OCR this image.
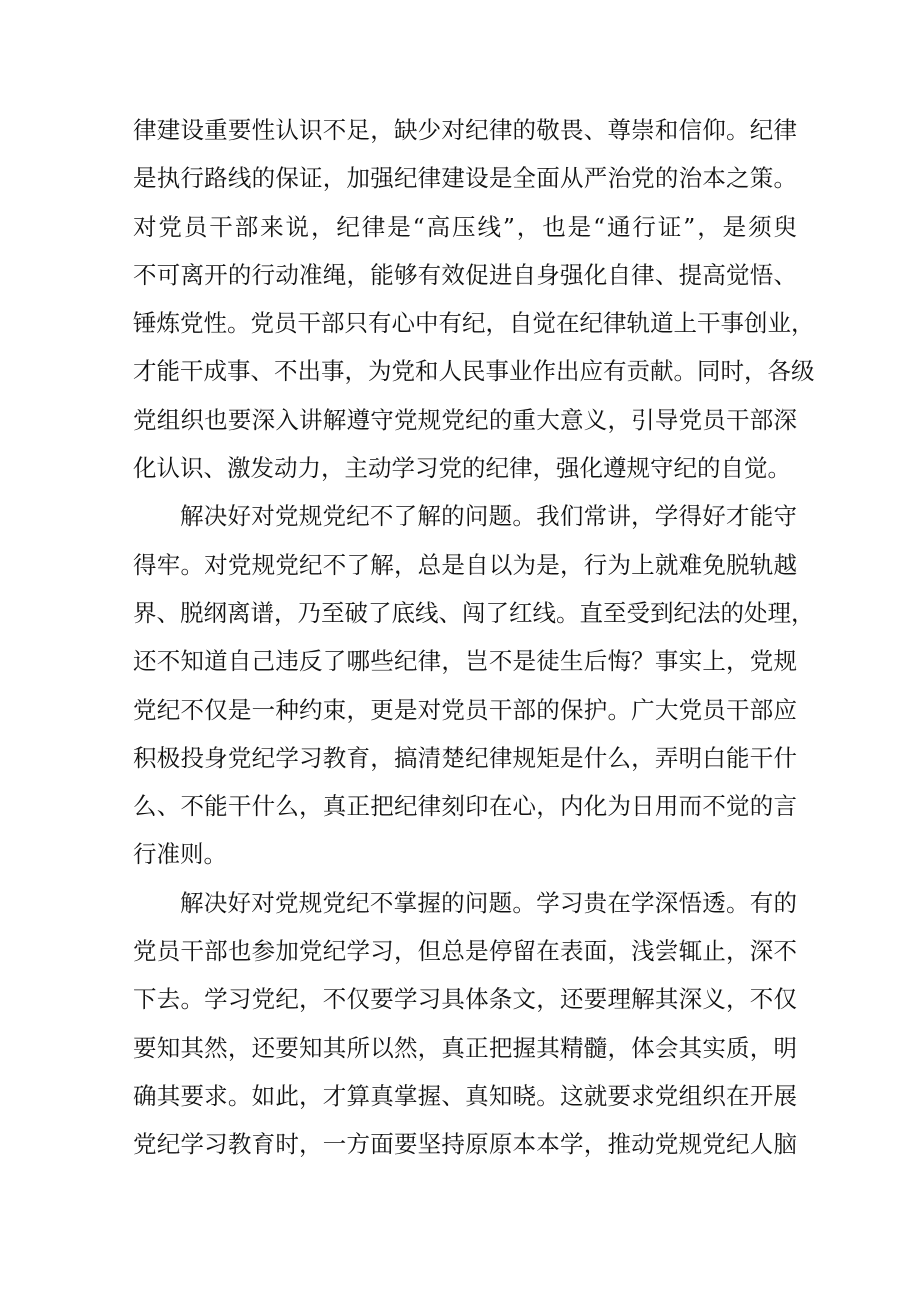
律建设重要性认识不足，缺少对纪律的敬畏、尊崇和信仰。纪律
是执行路线的保证，加强纪律建设是全面从严治党的治本之策。
对党员干部来说，纪律是“高压线”，也是“通行证”，是须臾
不可离开的行动准绳，能够有效促进自身强化自律、提高觉悟、
锤炼党性。党员干部只有心中有纪，自觉在纪律轨道上干事创业，
才能干成事、不出事，为党和人民事业作出应有贡献。同时，各级
党组织也要深入讲解遵守党规党纪的重大意义，引导党员干部深
化认识、激发动力，主动学习党的纪律，强化遵规守纪的自觉。
解决好对党规党纪不了解的问题。我们常讲，学得好才能守
得牢。对党规党纪不了解，总是自以为是，行为上就难免脱轨越
界、脱纲离谱，乃至破了底线、闯了红线。直至受到纪法的处理，
还不知道自己违反了哪些纪律，岂不是徒生后悔？事实上，党规
党纪不仅是一种约束，更是对党员干部的保护。广大党员干部应
积极投身党纪学习教育，搞清楚纪律规矩是什么，弄明白能干什
么、不能干什么，真正把纪律刻印在心，内化为日用而不觉的言
行准则。
解决好对党规党纪不掌握的问题。学习贵在学深悟透。有的
党员干部也参加党纪学习，但总是停留在表面，浅尝辄止，深不
下去。学习党纪，不仅要学习具体条文，还要理解其深义，不仅
要知其然，还要知其所以然，真正把握其精髓，体会其实质，明
确其要求。如此，才算真掌握、真知晓。这就要求党组织在开展
党纪学习教育时，一方面要坚持原原本本学，推动党规党纪人脑
